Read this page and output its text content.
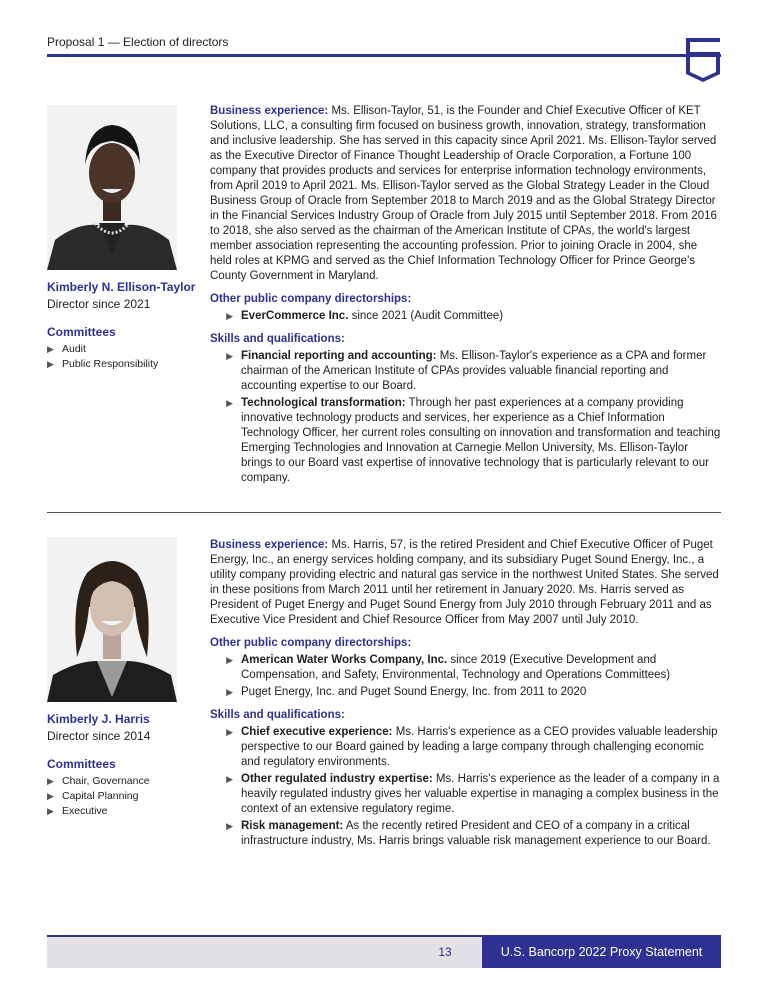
Proposal 1 — Election of directors
Kimberly N. Ellison-Taylor
Director since 2021
Committees
▶ Audit
▶ Public Responsibility
Business experience: Ms. Ellison-Taylor, 51, is the Founder and Chief Executive Officer of KET Solutions, LLC, a consulting firm focused on business growth, innovation, strategy, transformation and inclusive leadership. She has served in this capacity since April 2021. Ms. Ellison-Taylor served as the Executive Director of Finance Thought Leadership of Oracle Corporation, a Fortune 100 company that provides products and services for enterprise information technology environments, from April 2019 to April 2021. Ms. Ellison-Taylor served as the Global Strategy Leader in the Cloud Business Group of Oracle from September 2018 to March 2019 and as the Global Strategy Director in the Financial Services Industry Group of Oracle from July 2015 until September 2018. From 2016 to 2018, she also served as the chairman of the American Institute of CPAs, the world's largest member association representing the accounting profession. Prior to joining Oracle in 2004, she held roles at KPMG and served as the Chief Information Technology Officer for Prince George's County Government in Maryland.
Other public company directorships:
▶ EverCommerce Inc. since 2021 (Audit Committee)
Skills and qualifications:
▶ Financial reporting and accounting: Ms. Ellison-Taylor's experience as a CPA and former chairman of the American Institute of CPAs provides valuable financial reporting and accounting expertise to our Board.
▶ Technological transformation: Through her past experiences at a company providing innovative technology products and services, her experience as a Chief Information Technology Officer, her current roles consulting on innovation and transformation and teaching Emerging Technologies and Innovation at Carnegie Mellon University, Ms. Ellison-Taylor brings to our Board vast expertise of innovative technology that is particularly relevant to our company.
Kimberly J. Harris
Director since 2014
Committees
▶ Chair, Governance
▶ Capital Planning
▶ Executive
Business experience: Ms. Harris, 57, is the retired President and Chief Executive Officer of Puget Energy, Inc., an energy services holding company, and its subsidiary Puget Sound Energy, Inc., a utility company providing electric and natural gas service in the northwest United States. She served in these positions from March 2011 until her retirement in January 2020. Ms. Harris served as President of Puget Energy and Puget Sound Energy from July 2010 through February 2011 and as Executive Vice President and Chief Resource Officer from May 2007 until July 2010.
Other public company directorships:
▶ American Water Works Company, Inc. since 2019 (Executive Development and Compensation, and Safety, Environmental, Technology and Operations Committees)
▶ Puget Energy, Inc. and Puget Sound Energy, Inc. from 2011 to 2020
Skills and qualifications:
▶ Chief executive experience: Ms. Harris's experience as a CEO provides valuable leadership perspective to our Board gained by leading a large company through challenging economic and regulatory environments.
▶ Other regulated industry expertise: Ms. Harris's experience as the leader of a company in a heavily regulated industry gives her valuable expertise in managing a complex business in the context of an extensive regulatory regime.
▶ Risk management: As the recently retired President and CEO of a company in a critical infrastructure industry, Ms. Harris brings valuable risk management experience to our Board.
13	U.S. Bancorp 2022 Proxy Statement
